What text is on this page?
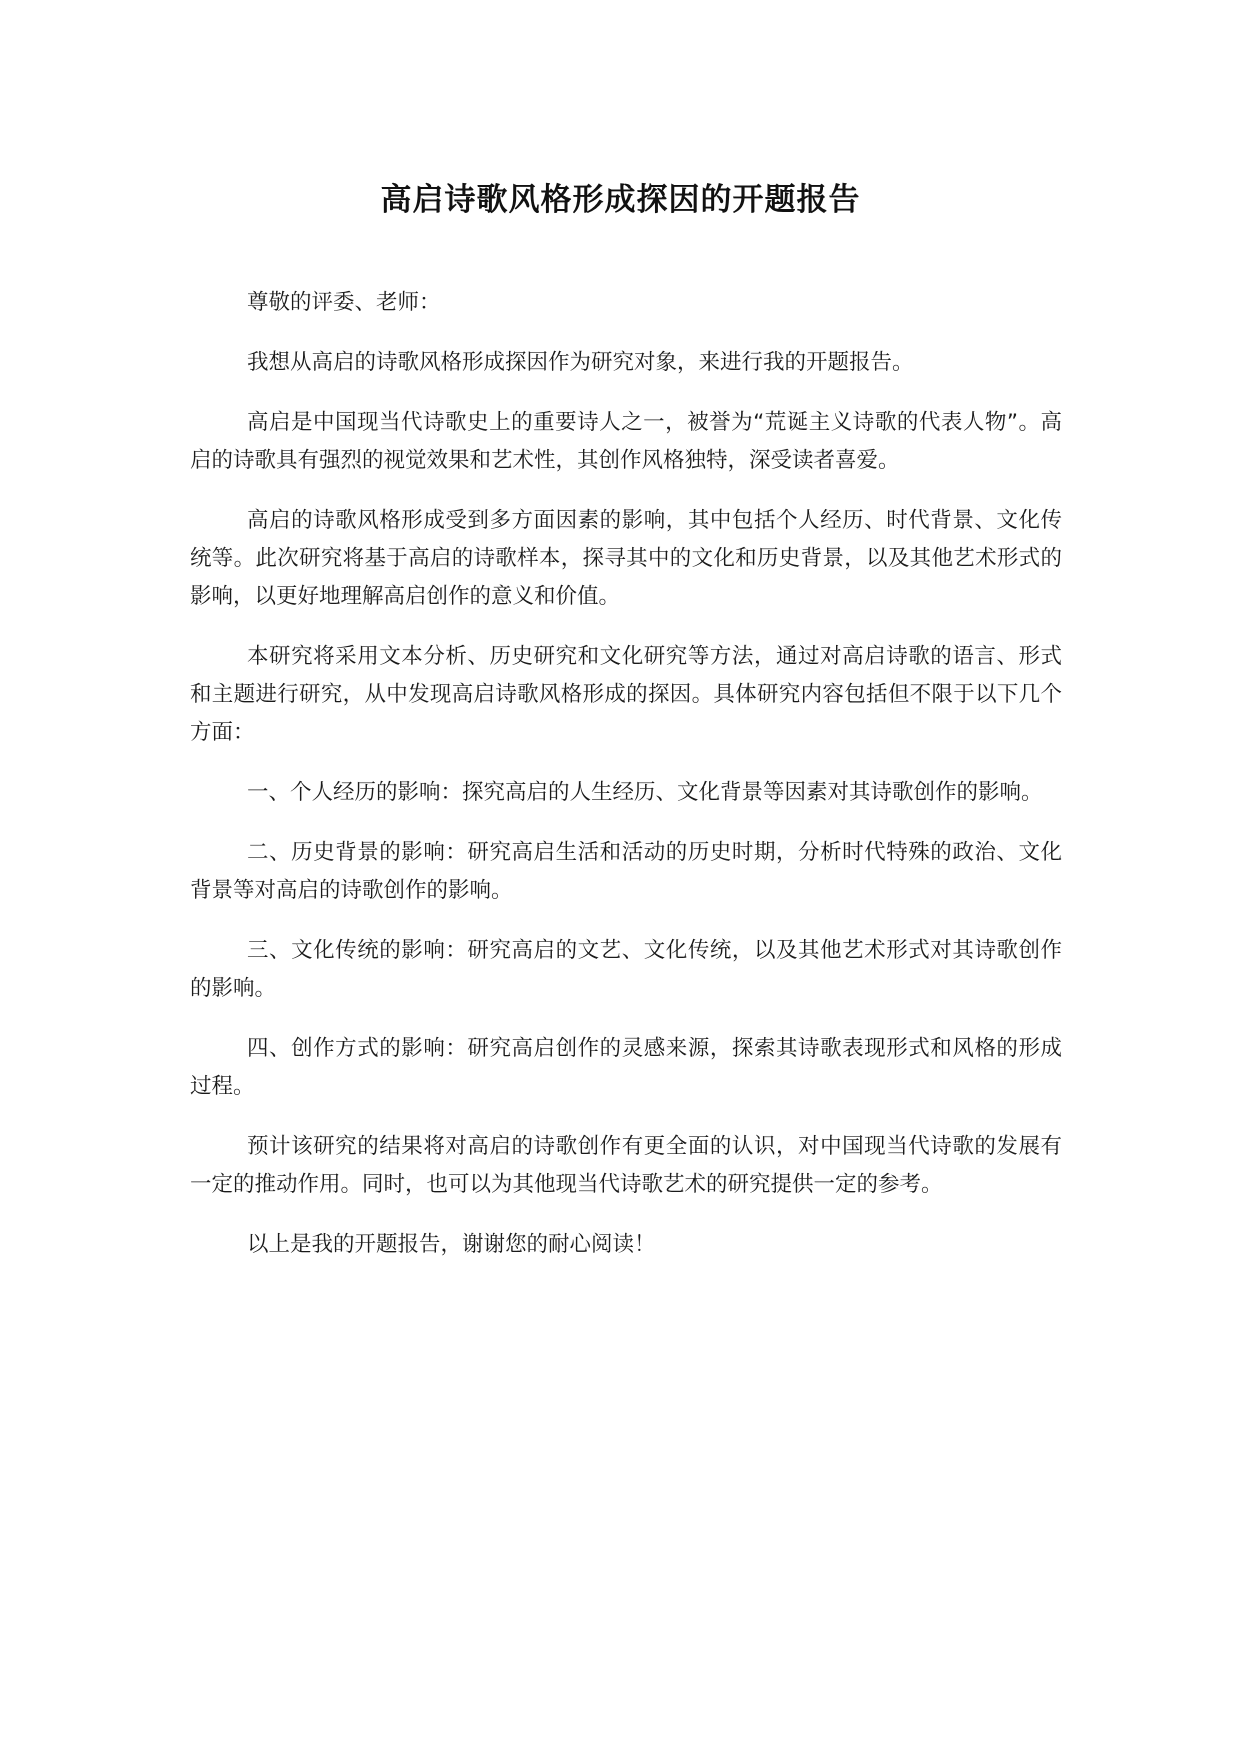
高启诗歌风格形成探因的开题报告

尊敬的评委、老师：

我想从高启的诗歌风格形成探因作为研究对象，来进行我的开题报告。

高启是中国现当代诗歌史上的重要诗人之一，被誉为“荒诞主义诗歌的代表人物”。高启的诗歌具有强烈的视觉效果和艺术性，其创作风格独特，深受读者喜爱。

高启的诗歌风格形成受到多方面因素的影响，其中包括个人经历、时代背景、文化传统等。此次研究将基于高启的诗歌样本，探寻其中的文化和历史背景，以及其他艺术形式的影响，以更好地理解高启创作的意义和价值。

本研究将采用文本分析、历史研究和文化研究等方法，通过对高启诗歌的语言、形式和主题进行研究，从中发现高启诗歌风格形成的探因。具体研究内容包括但不限于以下几个方面：

一、个人经历的影响：探究高启的人生经历、文化背景等因素对其诗歌创作的影响。

二、历史背景的影响：研究高启生活和活动的历史时期，分析时代特殊的政治、文化背景等对高启的诗歌创作的影响。

三、文化传统的影响：研究高启的文艺、文化传统，以及其他艺术形式对其诗歌创作的影响。

四、创作方式的影响：研究高启创作的灵感来源，探索其诗歌表现形式和风格的形成过程。

预计该研究的结果将对高启的诗歌创作有更全面的认识，对中国现当代诗歌的发展有一定的推动作用。同时，也可以为其他现当代诗歌艺术的研究提供一定的参考。

以上是我的开题报告，谢谢您的耐心阅读！
